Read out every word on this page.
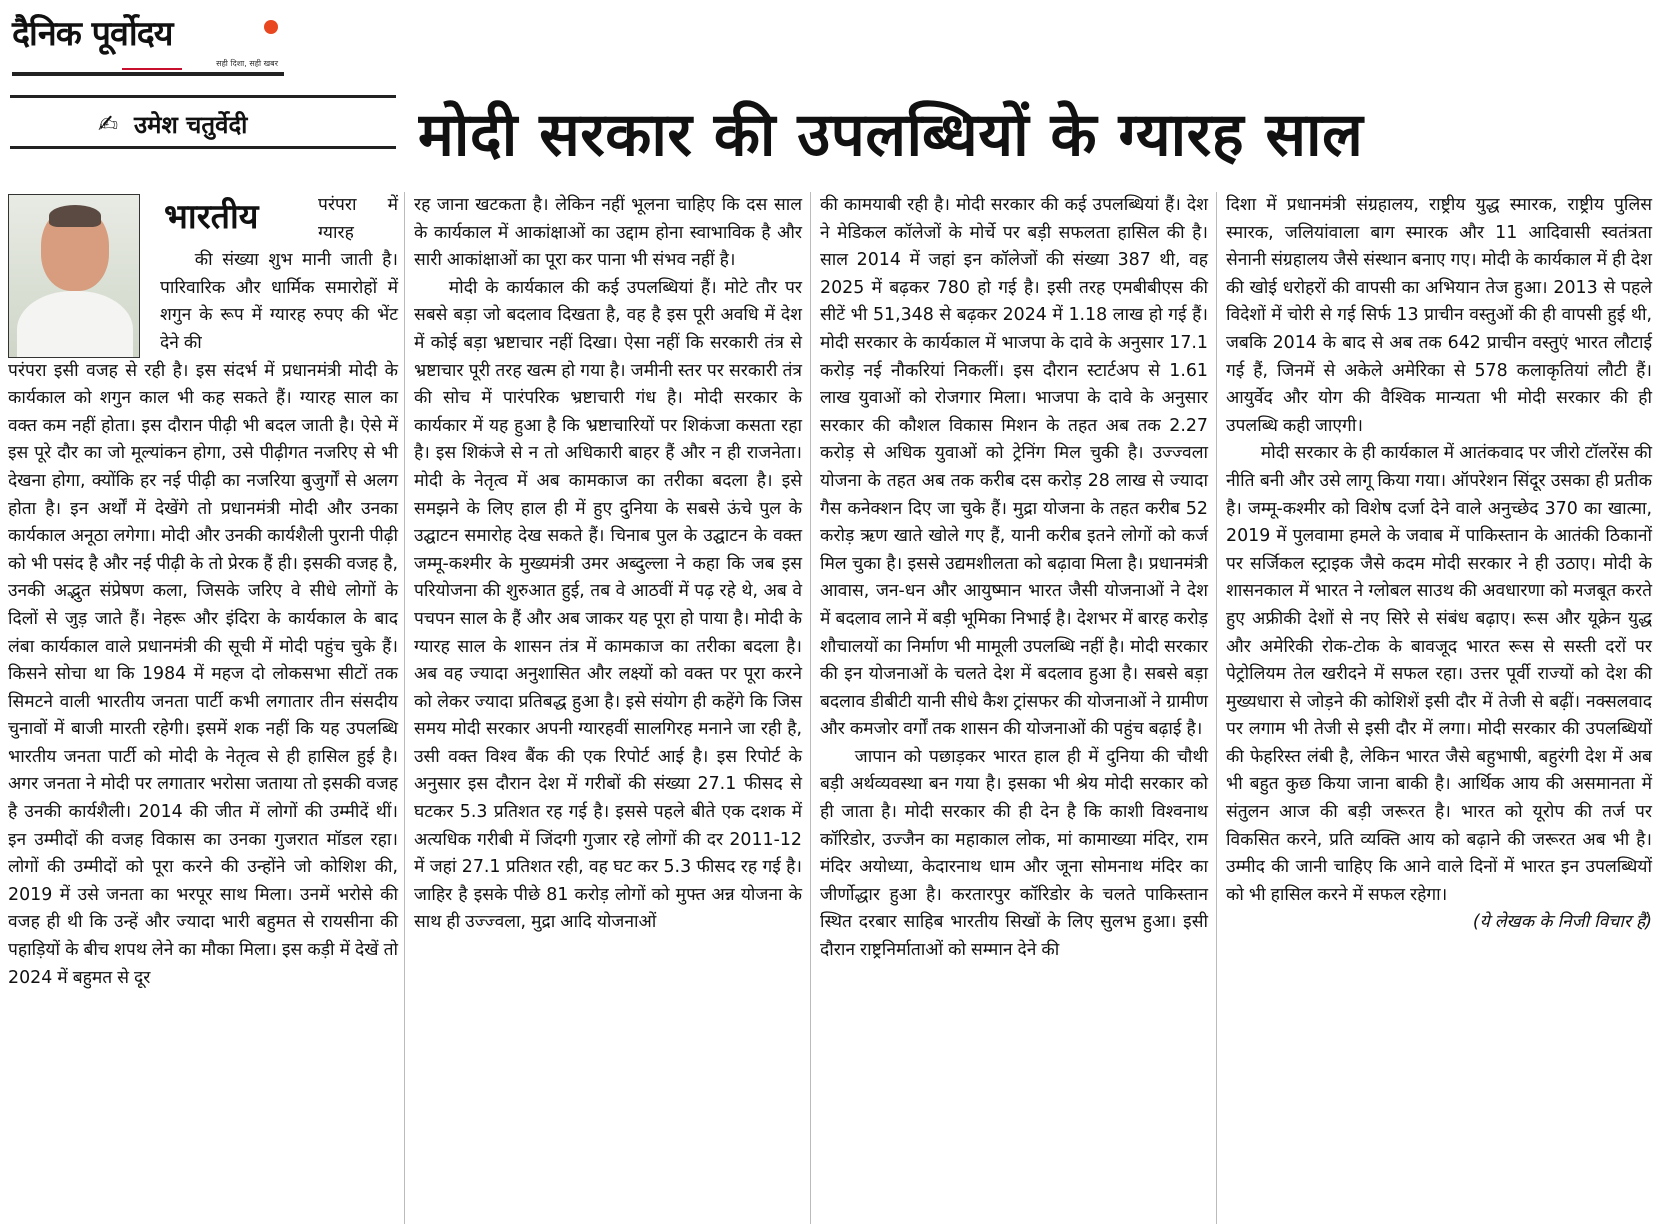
दैनिक पूर्वोदय
सही दिशा, सही खबर
✍ उमेश चतुर्वेदी	मोदी सरकार की उपलब्धियों के ग्यारह साल
भारतीय	परंपरा में ग्यारह

की संख्या शुभ मानी जाती है। पारिवारिक और धार्मिक समारोहों में शगुन के रूप में ग्यारह रुपए की भेंट देने की

परंपरा इसी वजह से रही है। इस संदर्भ में प्रधानमंत्री मोदी के कार्यकाल को शगुन काल भी कह सकते हैं। ग्यारह साल का वक्त कम नहीं होता। इस दौरान पीढ़ी भी बदल जाती है। ऐसे में इस पूरे दौर का जो मूल्यांकन होगा, उसे पीढ़ीगत नजरिए से भी देखना होगा, क्योंकि हर नई पीढ़ी का नजरिया बुजुर्गों से अलग होता है। इन अर्थों में देखेंगे तो प्रधानमंत्री मोदी और उनका कार्यकाल अनूठा लगेगा। मोदी और उनकी कार्यशैली पुरानी पीढ़ी को भी पसंद है और नई पीढ़ी के तो प्रेरक हैं ही। इसकी वजह है, उनकी अद्भुत संप्रेषण कला, जिसके जरिए वे सीधे लोगों के दिलों से जुड़ जाते हैं। नेहरू और इंदिरा के कार्यकाल के बाद लंबा कार्यकाल वाले प्रधानमंत्री की सूची में मोदी पहुंच चुके हैं। किसने सोचा था कि 1984 में महज दो लोकसभा सीटों तक सिमटने वाली भारतीय जनता पार्टी कभी लगातार तीन संसदीय चुनावों में बाजी मारती रहेगी। इसमें शक नहीं कि यह उपलब्धि भारतीय जनता पार्टी को मोदी के नेतृत्व से ही हासिल हुई है। अगर जनता ने मोदी पर लगातार भरोसा जताया तो इसकी वजह है उनकी कार्यशैली। 2014 की जीत में लोगों की उम्मीदें थीं। इन उम्मीदों की वजह विकास का उनका गुजरात मॉडल रहा। लोगों की उम्मीदों को पूरा करने की उन्होंने जो कोशिश की, 2019 में उसे जनता का भरपूर साथ मिला। उनमें भरोसे की वजह ही थी कि उन्हें और ज्यादा भारी बहुमत से रायसीना की पहाड़ियों के बीच शपथ लेने का मौका मिला। इस कड़ी में देखें तो 2024 में बहुमत से दूर

रह जाना खटकता है। लेकिन नहीं भूलना चाहिए कि दस साल के कार्यकाल में आकांक्षाओं का उद्दाम होना स्वाभाविक है और सारी आकांक्षाओं का पूरा कर पाना भी संभव नहीं है।

मोदी के कार्यकाल की कई उपलब्धियां हैं। मोटे तौर पर सबसे बड़ा जो बदलाव दिखता है, वह है इस पूरी अवधि में देश में कोई बड़ा भ्रष्टाचार नहीं दिखा। ऐसा नहीं कि सरकारी तंत्र से भ्रष्टाचार पूरी तरह खत्म हो गया है। जमीनी स्तर पर सरकारी तंत्र की सोच में पारंपरिक भ्रष्टाचारी गंध है। मोदी सरकार के कार्यकार में यह हुआ है कि भ्रष्टाचारियों पर शिकंजा कसता रहा है। इस शिकंजे से न तो अधिकारी बाहर हैं और न ही राजनेता। मोदी के नेतृत्व में अब कामकाज का तरीका बदला है। इसे समझने के लिए हाल ही में हुए दुनिया के सबसे ऊंचे पुल के उद्घाटन समारोह देख सकते हैं। चिनाब पुल के उद्घाटन के वक्त जम्मू-कश्मीर के मुख्यमंत्री उमर अब्दुल्ला ने कहा कि जब इस परियोजना की शुरुआत हुई, तब वे आठवीं में पढ़ रहे थे, अब वे पचपन साल के हैं और अब जाकर यह पूरा हो पाया है। मोदी के ग्यारह साल के शासन तंत्र में कामकाज का तरीका बदला है। अब वह ज्यादा अनुशासित और लक्ष्यों को वक्त पर पूरा करने को लेकर ज्यादा प्रतिबद्ध हुआ है। इसे संयोग ही कहेंगे कि जिस समय मोदी सरकार अपनी ग्यारहवीं सालगिरह मनाने जा रही है, उसी वक्त विश्व बैंक की एक रिपोर्ट आई है। इस रिपोर्ट के अनुसार इस दौरान देश में गरीबों की संख्या 27.1 फीसद से घटकर 5.3 प्रतिशत रह गई है। इससे पहले बीते एक दशक में अत्यधिक गरीबी में जिंदगी गुजार रहे लोगों की दर 2011-12 में जहां 27.1 प्रतिशत रही, वह घट कर 5.3 फीसद रह गई है। जाहिर है इसके पीछे 81 करोड़ लोगों को मुफ्त अन्न योजना के साथ ही उज्ज्वला, मुद्रा आदि योजनाओं

की कामयाबी रही है। मोदी सरकार की कई उपलब्धियां हैं। देश ने मेडिकल कॉलेजों के मोर्चे पर बड़ी सफलता हासिल की है। साल 2014 में जहां इन कॉलेजों की संख्या 387 थी, वह 2025 में बढ़कर 780 हो गई है। इसी तरह एमबीबीएस की सीटें भी 51,348 से बढ़कर 2024 में 1.18 लाख हो गई हैं। मोदी सरकार के कार्यकाल में भाजपा के दावे के अनुसार 17.1 करोड़ नई नौकरियां निकलीं। इस दौरान स्टार्टअप से 1.61 लाख युवाओं को रोजगार मिला। भाजपा के दावे के अनुसार सरकार की कौशल विकास मिशन के तहत अब तक 2.27 करोड़ से अधिक युवाओं को ट्रेनिंग मिल चुकी है। उज्ज्वला योजना के तहत अब तक करीब दस करोड़ 28 लाख से ज्यादा गैस कनेक्शन दिए जा चुके हैं। मुद्रा योजना के तहत करीब 52 करोड़ ऋण खाते खोले गए हैं, यानी करीब इतने लोगों को कर्ज मिल चुका है। इससे उद्यमशीलता को बढ़ावा मिला है। प्रधानमंत्री आवास, जन-धन और आयुष्मान भारत जैसी योजनाओं ने देश में बदलाव लाने में बड़ी भूमिका निभाई है। देशभर में बारह करोड़ शौचालयों का निर्माण भी मामूली उपलब्धि नहीं है। मोदी सरकार की इन योजनाओं के चलते देश में बदलाव हुआ है। सबसे बड़ा बदलाव डीबीटी यानी सीधे कैश ट्रांसफर की योजनाओं ने ग्रामीण और कमजोर वर्गों तक शासन की योजनाओं की पहुंच बढ़ाई है।

जापान को पछाड़कर भारत हाल ही में दुनिया की चौथी बड़ी अर्थव्यवस्था बन गया है। इसका भी श्रेय मोदी सरकार को ही जाता है। मोदी सरकार की ही देन है कि काशी विश्वनाथ कॉरिडोर, उज्जैन का महाकाल लोक, मां कामाख्या मंदिर, राम मंदिर अयोध्या, केदारनाथ धाम और जूना सोमनाथ मंदिर का जीर्णोद्धार हुआ है। करतारपुर कॉरिडोर के चलते पाकिस्तान स्थित दरबार साहिब भारतीय सिखों के लिए सुलभ हुआ। इसी दौरान राष्ट्रनिर्माताओं को सम्मान देने की

दिशा में प्रधानमंत्री संग्रहालय, राष्ट्रीय युद्ध स्मारक, राष्ट्रीय पुलिस स्मारक, जलियांवाला बाग स्मारक और 11 आदिवासी स्वतंत्रता सेनानी संग्रहालय जैसे संस्थान बनाए गए। मोदी के कार्यकाल में ही देश की खोई धरोहरों की वापसी का अभियान तेज हुआ। 2013 से पहले विदेशों में चोरी से गई सिर्फ 13 प्राचीन वस्तुओं की ही वापसी हुई थी, जबकि 2014 के बाद से अब तक 642 प्राचीन वस्तुएं भारत लौटाई गई हैं, जिनमें से अकेले अमेरिका से 578 कलाकृतियां लौटी हैं। आयुर्वेद और योग की वैश्विक मान्यता भी मोदी सरकार की ही उपलब्धि कही जाएगी।

मोदी सरकार के ही कार्यकाल में आतंकवाद पर जीरो टॉलरेंस की नीति बनी और उसे लागू किया गया। ऑपरेशन सिंदूर उसका ही प्रतीक है। जम्मू-कश्मीर को विशेष दर्जा देने वाले अनुच्छेद 370 का खात्मा, 2019 में पुलवामा हमले के जवाब में पाकिस्तान के आतंकी ठिकानों पर सर्जिकल स्ट्राइक जैसे कदम मोदी सरकार ने ही उठाए। मोदी के शासनकाल में भारत ने ग्लोबल साउथ की अवधारणा को मजबूत करते हुए अफ्रीकी देशों से नए सिरे से संबंध बढ़ाए। रूस और यूक्रेन युद्ध और अमेरिकी रोक-टोक के बावजूद भारत रूस से सस्ती दरों पर पेट्रोलियम तेल खरीदने में सफल रहा। उत्तर पूर्वी राज्यों को देश की मुख्यधारा से जोड़ने की कोशिशें इसी दौर में तेजी से बढ़ीं। नक्सलवाद पर लगाम भी तेजी से इसी दौर में लगा। मोदी सरकार की उपलब्धियों की फेहरिस्त लंबी है, लेकिन भारत जैसे बहुभाषी, बहुरंगी देश में अब भी बहुत कुछ किया जाना बाकी है। आर्थिक आय की असमानता में संतुलन आज की बड़ी जरूरत है। भारत को यूरोप की तर्ज पर विकसित करने, प्रति व्यक्ति आय को बढ़ाने की जरूरत अब भी है। उम्मीद की जानी चाहिए कि आने वाले दिनों में भारत इन उपलब्धियों को भी हासिल करने में सफल रहेगा।

(ये लेखक के निजी विचार हैं)
